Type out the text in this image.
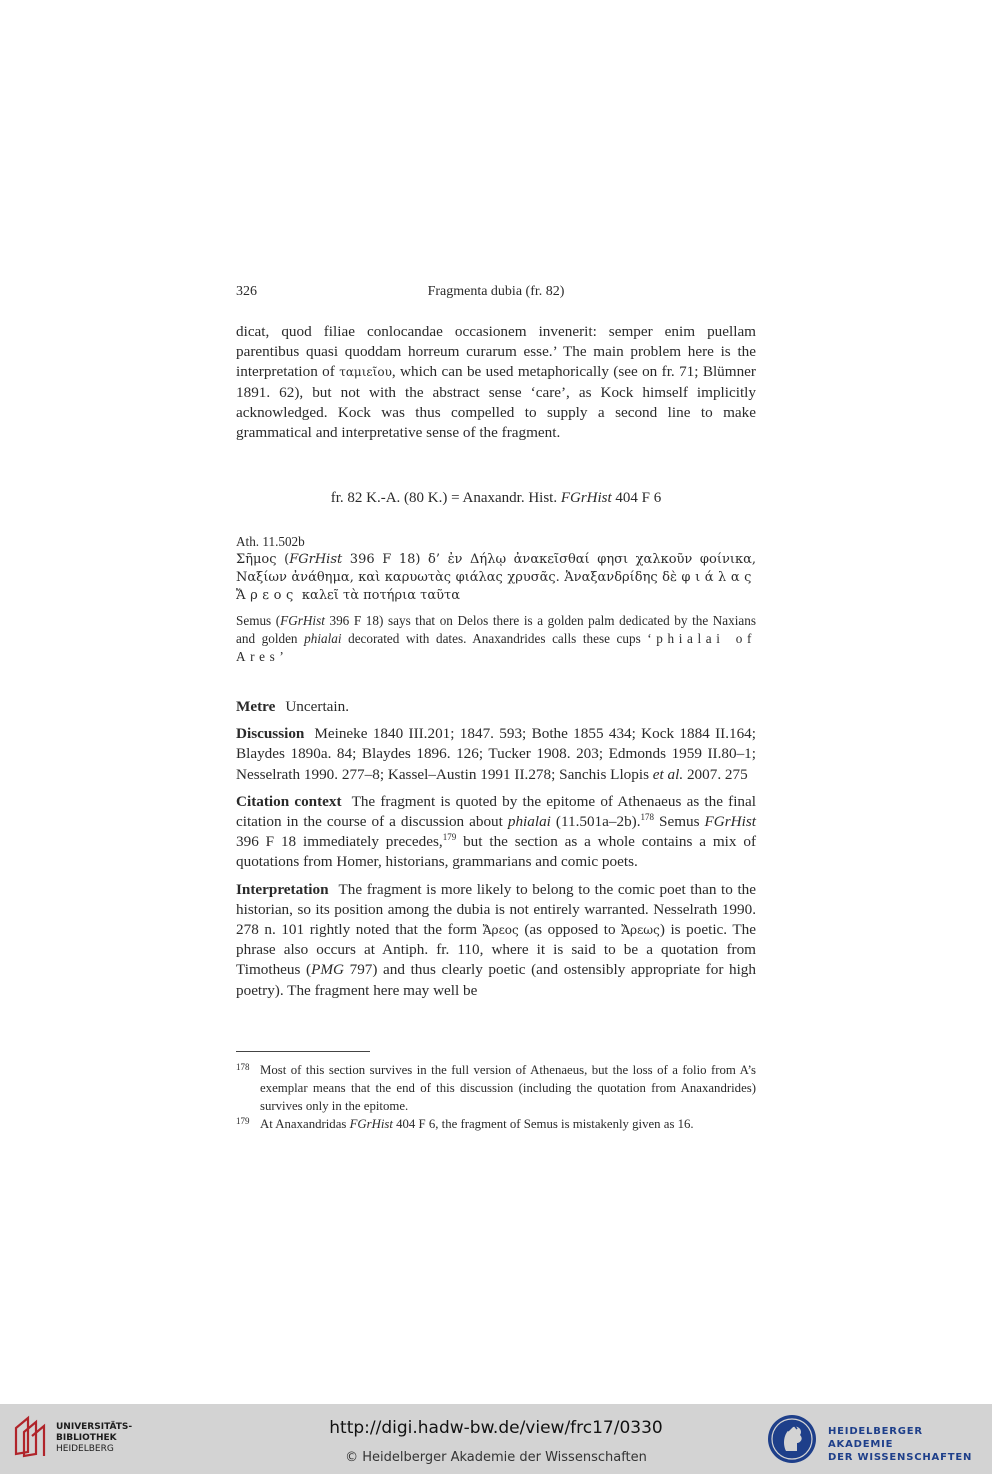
326	Fragmenta dubia (fr. 82)
dicat, quod filiae conlocandae occasionem invenerit: semper enim puellam parentibus quasi quoddam horreum curarum esse.’ The main problem here is the interpretation of ταμιεῖου, which can be used metaphorically (see on fr. 71; Blümner 1891. 62), but not with the abstract sense ‘care’, as Kock himself implicitly acknowledged. Kock was thus compelled to supply a second line to make grammatical and interpretative sense of the fragment.
fr. 82 K.-A. (80 K.) = Anaxandr. Hist. FGrHist 404 F 6
Ath. 11.502b
Σῆμος (FGrHist 396 F 18) δ’ ἐν Δήλῳ ἀνακεῖσθαί φησι χαλκοῦν φοίνικα, Ναξίων ἀνάθημα, καὶ καρυωτὰς φιάλας χρυσᾶς. Ἀναξανδρίδης δὲ φιάλας Ἄρεος καλεῖ τὰ ποτήρια ταῦτα
Semus (FGrHist 396 F 18) says that on Delos there is a golden palm dedicated by the Naxians and golden phialai decorated with dates. Anaxandrides calls these cups ‘phialai of Ares’

Metre Uncertain.

Discussion Meineke 1840 III.201; 1847. 593; Bothe 1855 434; Kock 1884 II.164; Blaydes 1890a. 84; Blaydes 1896. 126; Tucker 1908. 203; Edmonds 1959 II.80–1; Nesselrath 1990. 277–8; Kassel–Austin 1991 II.278; Sanchis Llopis et al. 2007. 275

Citation context The fragment is quoted by the epitome of Athenaeus as the final citation in the course of a discussion about phialai (11.501a–2b).$^{178}$ Semus FGrHist 396 F 18 immediately precedes,$^{179}$ but the section as a whole contains a mix of quotations from Homer, historians, grammarians and comic poets.

Interpretation The fragment is more likely to belong to the comic poet than to the historian, so its position among the dubia is not entirely warranted. Nesselrath 1990. 278 n. 101 rightly noted that the form Ἄρεος (as opposed to Ἄρεως) is poetic. The phrase also occurs at Antiph. fr. 110, where it is said to be a quotation from Timotheus (PMG 797) and thus clearly poetic (and ostensibly appropriate for high poetry). The fragment here may well be

178 Most of this section survives in the full version of Athenaeus, but the loss of a folio from A’s exemplar means that the end of this discussion (including the quotation from Anaxandrides) survives only in the epitome.
179 At Anaxandridas FGrHist 404 F 6, the fragment of Semus is mistakenly given as 16.
UNIVERSITÄTS-
BIBLIOTHEK
HEIDELBERG
http://digi.hadw-bw.de/view/frc17/0330
© Heidelberger Akademie der Wissenschaften
HEIDELBERGER AKADEMIE
DER WISSENSCHAFTEN
